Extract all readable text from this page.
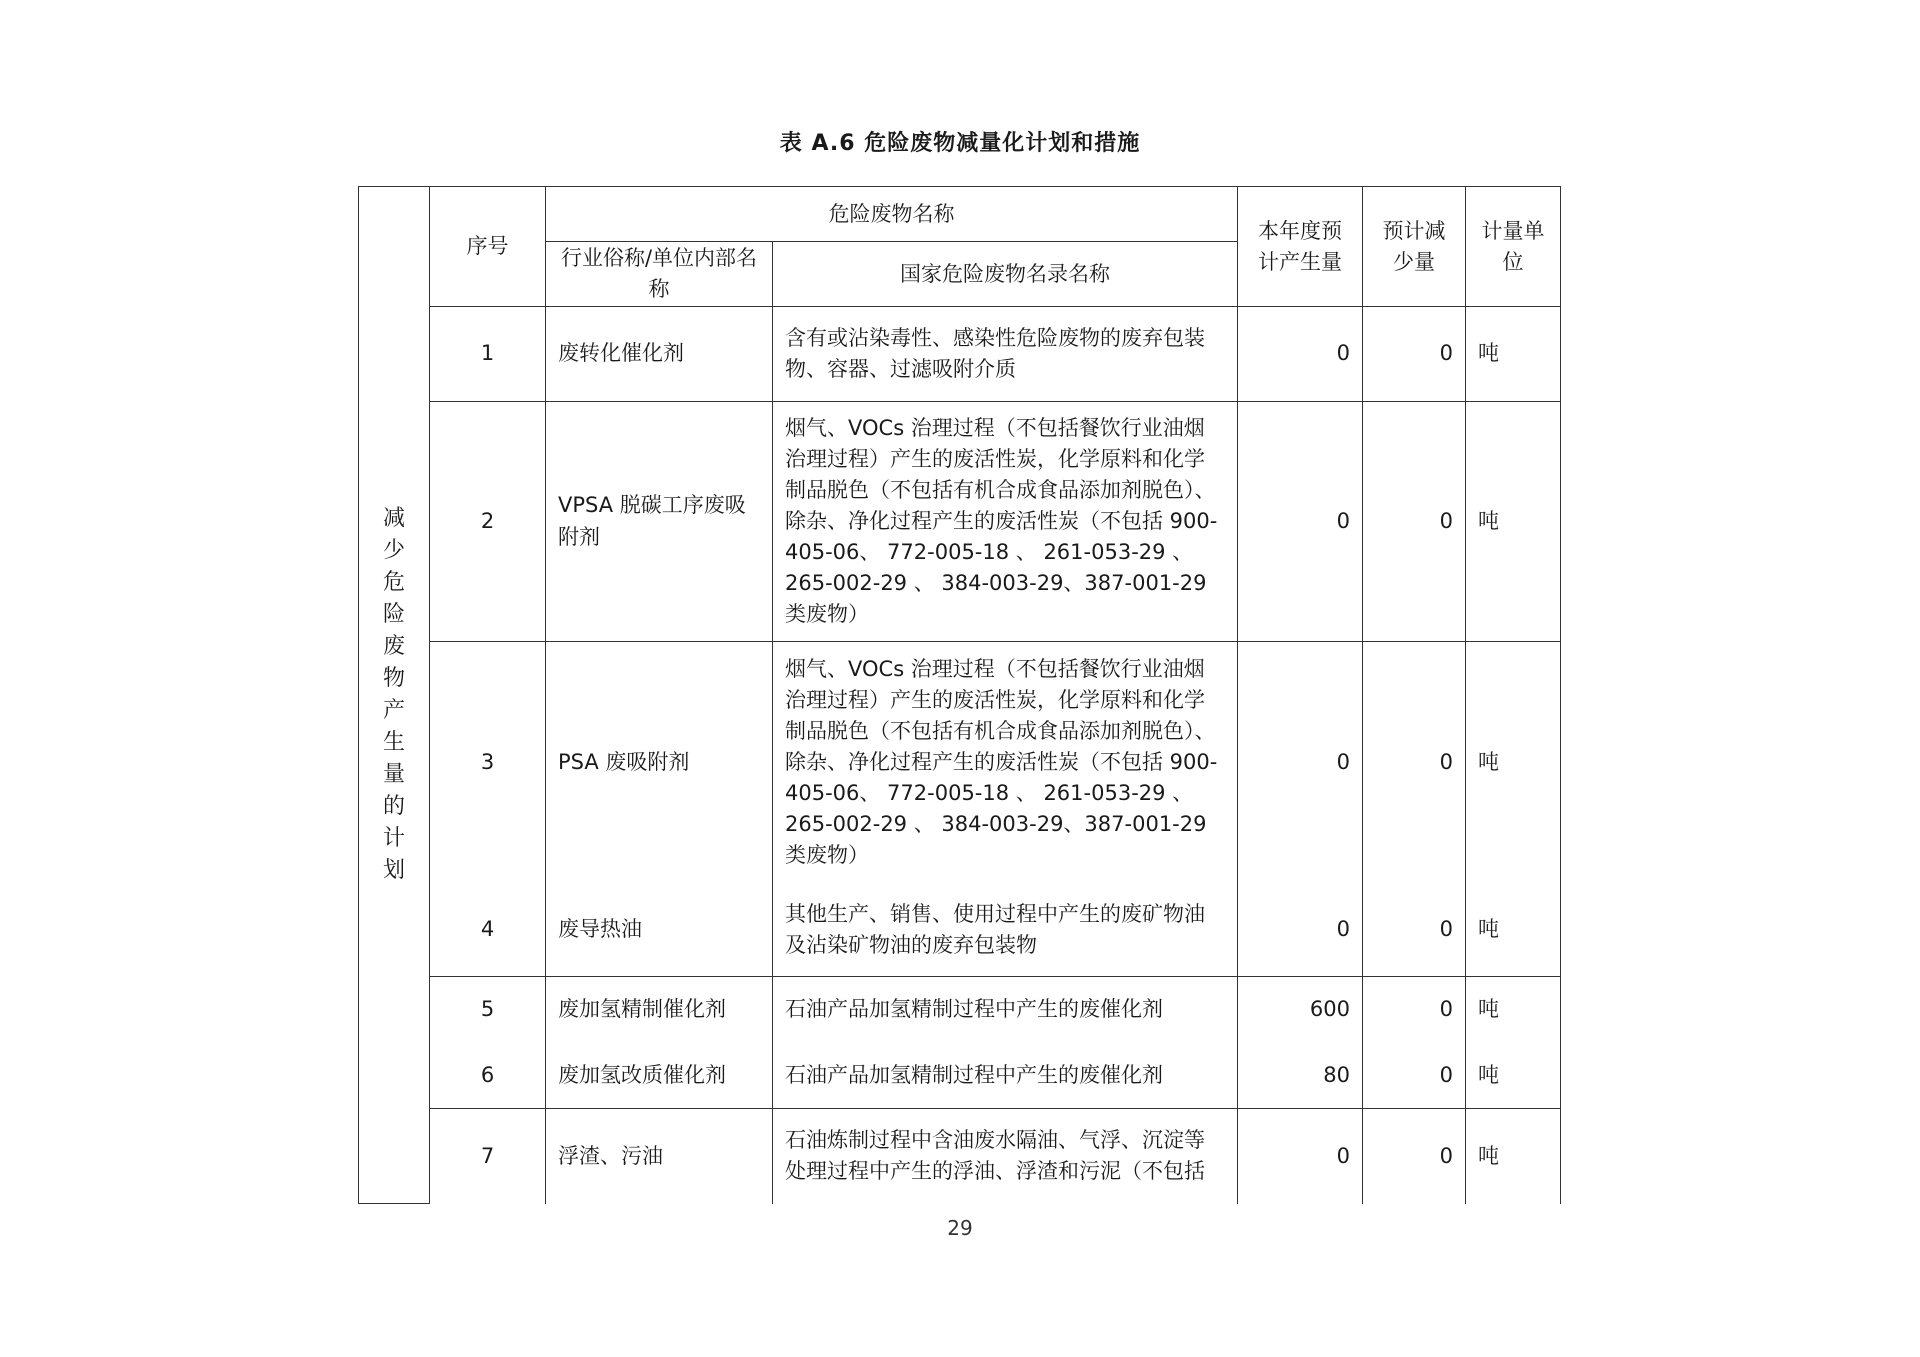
表 A.6 危险废物减量化计划和措施
减少危险废物产生量的计划	序号	危险废物名称		本年度预计产生量	预计减少量	计量单位
		行业俗称/单位内部名称	国家危险废物名录名称			
	1	废转化催化剂	含有或沾染毒性、感染性危险废物的废弃包装物、容器、过滤吸附介质	0	0	吨
	2	VPSA 脱碳工序废吸附剂	烟气、VOCs 治理过程（不包括餐饮行业油烟治理过程）产生的废活性炭，化学原料和化学制品脱色（不包括有机合成食品添加剂脱色）、除杂、净化过程产生的废活性炭（不包括 900-405-06、 772-005-18 、 261-053-29 、 265-002-29 、 384-003-29、387-001-29 类废物）	0	0	吨
	3	PSA 废吸附剂	烟气、VOCs 治理过程（不包括餐饮行业油烟治理过程）产生的废活性炭，化学原料和化学制品脱色（不包括有机合成食品添加剂脱色）、除杂、净化过程产生的废活性炭（不包括 900-405-06、 772-005-18 、 261-053-29 、 265-002-29 、 384-003-29、387-001-29 类废物）	0	0	吨
	4	废导热油	其他生产、销售、使用过程中产生的废矿物油及沾染矿物油的废弃包装物	0	0	吨
	5	废加氢精制催化剂	石油产品加氢精制过程中产生的废催化剂	600	0	吨
	6	废加氢改质催化剂	石油产品加氢精制过程中产生的废催化剂	80	0	吨
	7	浮渣、污油	石油炼制过程中含油废水隔油、气浮、沉淀等处理过程中产生的浮油、浮渣和污泥（不包括	0	0	吨
29
